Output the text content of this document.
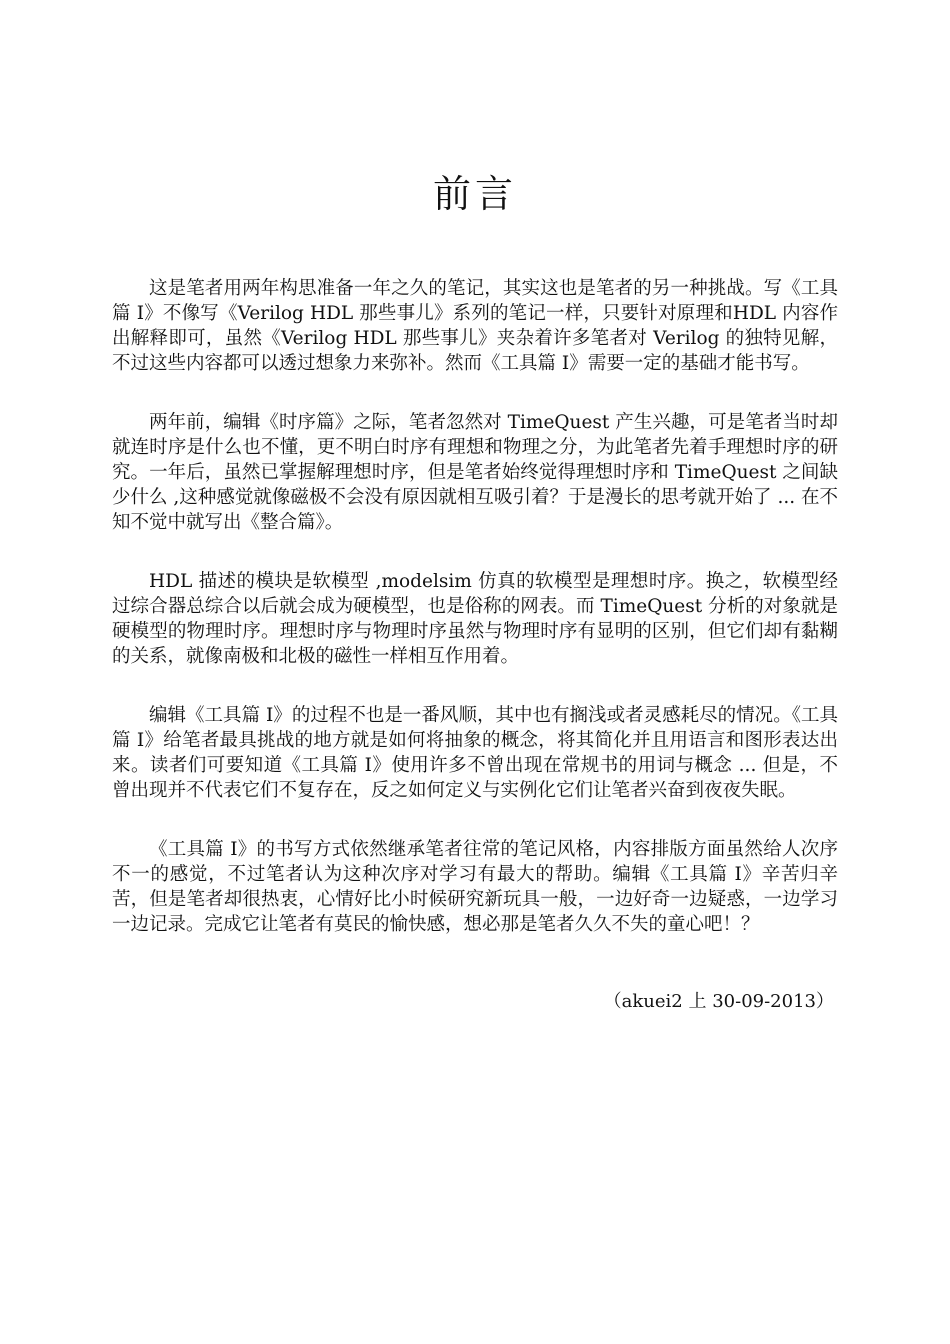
前言

这是笔者用两年构思准备一年之久的笔记，其实这也是笔者的另一种挑战。写《工具篇 I》不像写《Verilog HDL 那些事儿》系列的笔记一样，只要针对原理和HDL 内容作出解释即可，虽然《Verilog HDL 那些事儿》夹杂着许多笔者对 Verilog 的独特见解，不过这些内容都可以透过想象力来弥补。然而《工具篇 I》需要一定的基础才能书写。

两年前，编辑《时序篇》之际，笔者忽然对 TimeQuest 产生兴趣，可是笔者当时却就连时序是什么也不懂，更不明白时序有理想和物理之分，为此笔者先着手理想时序的研究。一年后，虽然已掌握解理想时序，但是笔者始终觉得理想时序和 TimeQuest 之间缺少什么 ,这种感觉就像磁极不会没有原因就相互吸引着？于是漫长的思考就开始了 ... 在不知不觉中就写出《整合篇》。

HDL 描述的模块是软模型 ,modelsim 仿真的软模型是理想时序。换之，软模型经过综合器总综合以后就会成为硬模型，也是俗称的网表。而 TimeQuest 分析的对象就是硬模型的物理时序。理想时序与物理时序虽然与物理时序有显明的区别，但它们却有黏糊的关系，就像南极和北极的磁性一样相互作用着。

编辑《工具篇 I》的过程不也是一番风顺，其中也有搁浅或者灵感耗尽的情况。《工具篇 I》给笔者最具挑战的地方就是如何将抽象的概念，将其简化并且用语言和图形表达出来。读者们可要知道《工具篇 I》使用许多不曾出现在常规书的用词与概念 ... 但是，不曾出现并不代表它们不复存在，反之如何定义与实例化它们让笔者兴奋到夜夜失眠。

《工具篇 I》的书写方式依然继承笔者往常的笔记风格，内容排版方面虽然给人次序不一的感觉，不过笔者认为这种次序对学习有最大的帮助。编辑《工具篇 I》辛苦归辛苦，但是笔者却很热衷，心情好比小时候研究新玩具一般，一边好奇一边疑惑，一边学习一边记录。完成它让笔者有莫民的愉快感，想必那是笔者久久不失的童心吧！？

（akuei2 上 30-09-2013）
